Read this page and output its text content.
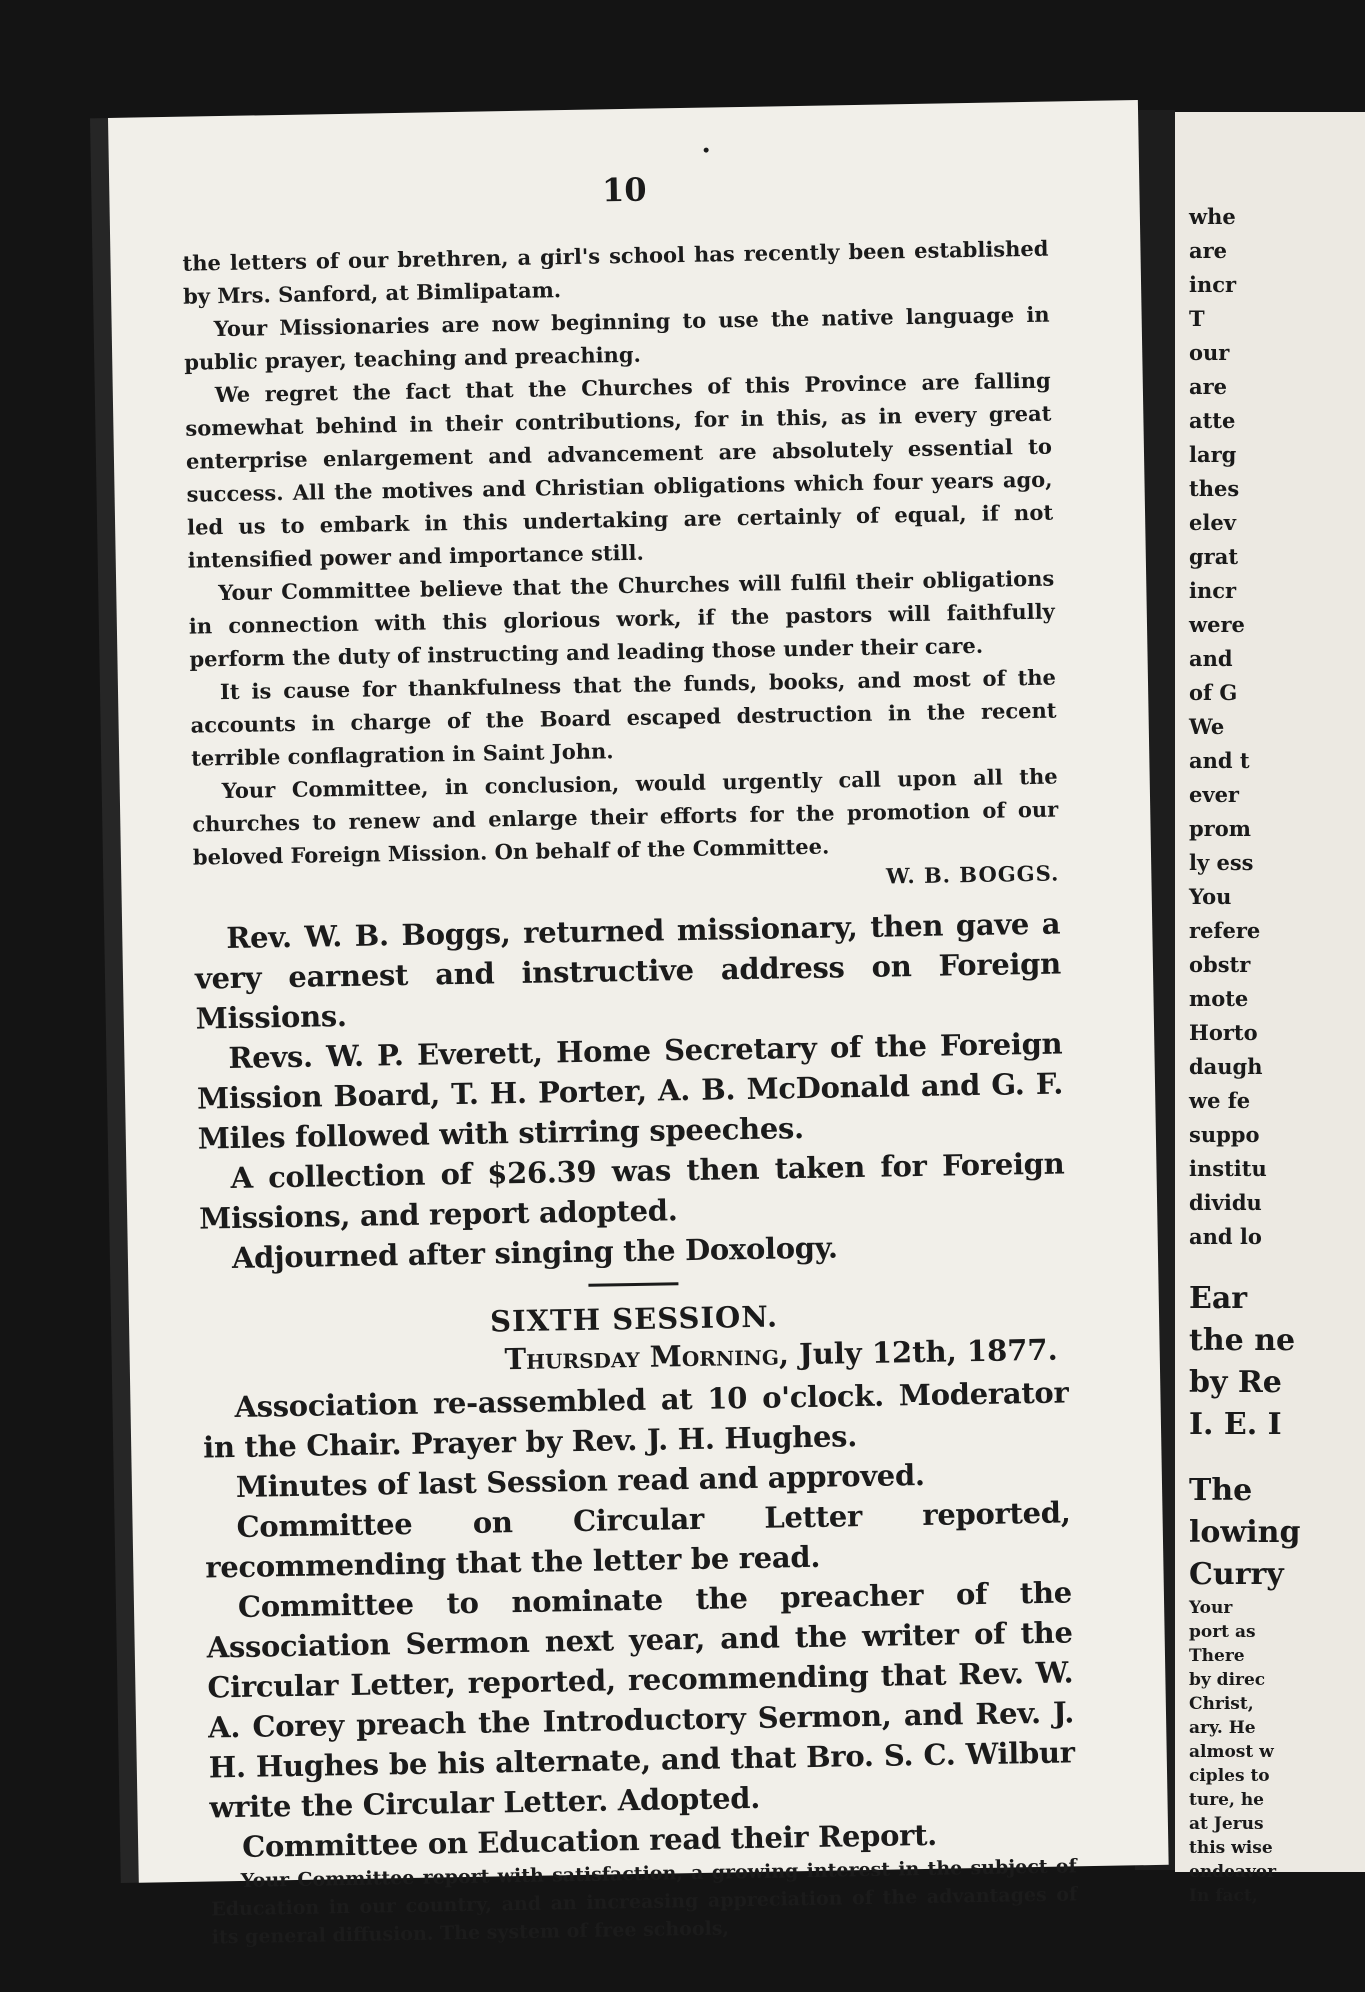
whe
are
incr
T
our
are
atte
larg
thes
elev
grat
incr
were
and
of G
We
and t
ever
prom
ly ess
You
refere
obstr
mote
Horto
daugh
we fe
suppo
institu
dividu
and lo
Ear
the ne
by Re
I. E. I
The
lowing
Curry
Your
port as
There
by direc
Christ,
ary. He
almost w
ciples to
ture, he
at Jerus
this wise
endeavor
In fact,
10

the letters of our brethren, a girl's school has recently been established by Mrs. Sanford, at Bimlipatam.

Your Missionaries are now beginning to use the native language in public prayer, teaching and preaching.

We regret the fact that the Churches of this Province are falling somewhat behind in their contributions, for in this, as in every great enterprise enlargement and advancement are absolutely essential to success. All the motives and Christian obligations which four years ago, led us to embark in this undertaking are certainly of equal, if not intensified power and importance still.

Your Committee believe that the Churches will fulfil their obligations in connection with this glorious work, if the pastors will faithfully perform the duty of instructing and leading those under their care.

It is cause for thankfulness that the funds, books, and most of the accounts in charge of the Board escaped destruction in the recent terrible conflagration in Saint John.

Your Committee, in conclusion, would urgently call upon all the churches to renew and enlarge their efforts for the promotion of our beloved Foreign Mission. On behalf of the Committee.

W. B. BOGGS.

Rev. W. B. Boggs, returned missionary, then gave a very earnest and instructive address on Foreign Missions.

Revs. W. P. Everett, Home Secretary of the Foreign Mission Board, T. H. Porter, A. B. McDonald and G. F. Miles followed with stirring speeches.

A collection of $26.39 was then taken for Foreign Missions, and report adopted.

Adjourned after singing the Doxology.

SIXTH SESSION.
Thursday Morning, July 12th, 1877.

Association re-assembled at 10 o'clock. Moderator in the Chair. Prayer by Rev. J. H. Hughes.

Minutes of last Session read and approved.

Committee on Circular Letter reported, recommending that the letter be read.

Committee to nominate the preacher of the Association Sermon next year, and the writer of the Circular Letter, reported, recommending that Rev. W. A. Corey preach the Introductory Sermon, and Rev. J. H. Hughes be his alternate, and that Bro. S. C. Wilbur write the Circular Letter. Adopted.

Committee on Education read their Report.

Your Committee report with satisfaction, a growing interest in the subject of Education in our country, and an increasing appreciation of the advantages of its general diffusion. The system of free schools,
